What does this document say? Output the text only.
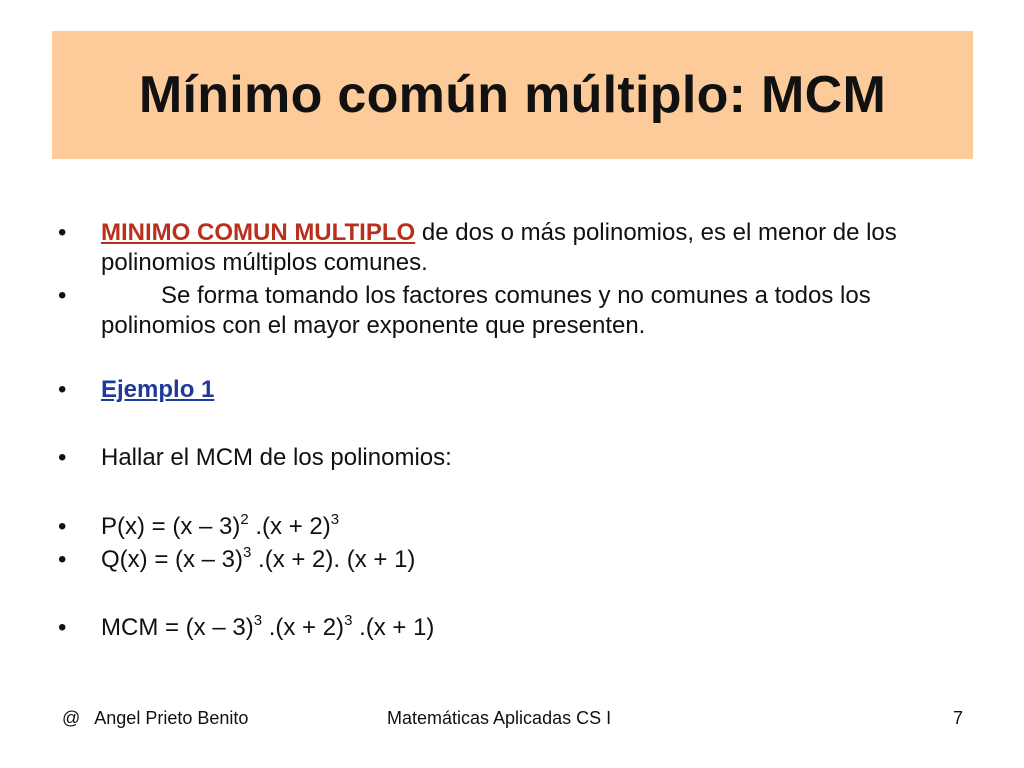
Mínimo común múltiplo: MCM
• MINIMO COMUN MULTIPLO de dos o más polinomios, es el menor de los polinomios múltiplos comunes.
•	Se forma tomando los factores comunes y no comunes a todos los polinomios con el mayor exponente que presenten.
• Ejemplo 1
• Hallar el MCM de los polinomios:
• P(x) = (x – 3)$^2$ $.(x + 2)^3$
• Q(x) = (x – 3)$^3$ .(x + 2). (x + 1)
• MCM = (x – 3)$^3$ $.(x + 2)^3$ .(x + 1)
@   Angel Prieto Benito	Matemáticas Aplicadas CS I	7
